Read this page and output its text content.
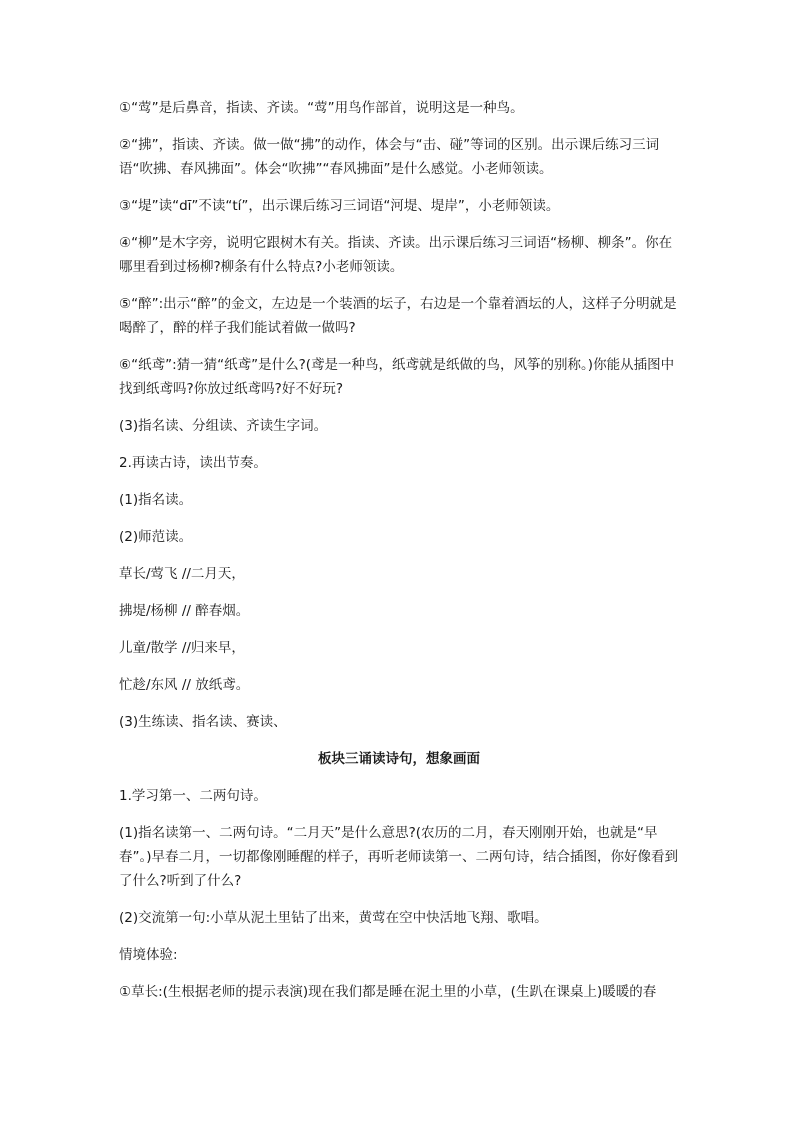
①“莺”是后鼻音，指读、齐读。“莺”用鸟作部首，说明这是一种鸟。

②“拂”，指读、齐读。做一做“拂”的动作，体会与“击、碰”等词的区别。出示课后练习三词语“吹拂、春风拂面”。体会“吹拂”“春风拂面”是什么感觉。小老师领读。

③“堤”读“dī”不读“tí”，出示课后练习三词语“河堤、堤岸”，小老师领读。

④“柳”是木字旁，说明它跟树木有关。指读、齐读。出示课后练习三词语“杨柳、柳条”。你在哪里看到过杨柳?柳条有什么特点?小老师领读。

⑤“醉”:出示“醉”的金文，左边是一个装酒的坛子，右边是一个靠着酒坛的人，这样子分明就是喝醉了，醉的样子我们能试着做一做吗?

⑥“纸鸢”:猜一猜“纸鸢”是什么?(鸢是一种鸟，纸鸢就是纸做的鸟，风筝的别称。)你能从插图中找到纸鸢吗?你放过纸鸢吗?好不好玩?

(3)指名读、分组读、齐读生字词。

2.再读古诗，读出节奏。

(1)指名读。

(2)师范读。

草长/莺飞 //二月天，

拂堤/杨柳 // 醉春烟。

儿童/散学 //归来早，

忙趁/东风 // 放纸鸢。

(3)生练读、指名读、赛读、

板块三诵读诗句，想象画面

1.学习第一、二两句诗。

(1)指名读第一、二两句诗。“二月天”是什么意思?(农历的二月，春天刚刚开始，也就是“早春”。)早春二月，一切都像刚睡醒的样子，再听老师读第一、二两句诗，结合插图，你好像看到了什么?听到了什么?

(2)交流第一句:小草从泥土里钻了出来，黄莺在空中快活地飞翔、歌唱。

情境体验:

①草长:(生根据老师的提示表演)现在我们都是睡在泥土里的小草，(生趴在课桌上)暖暖的春
